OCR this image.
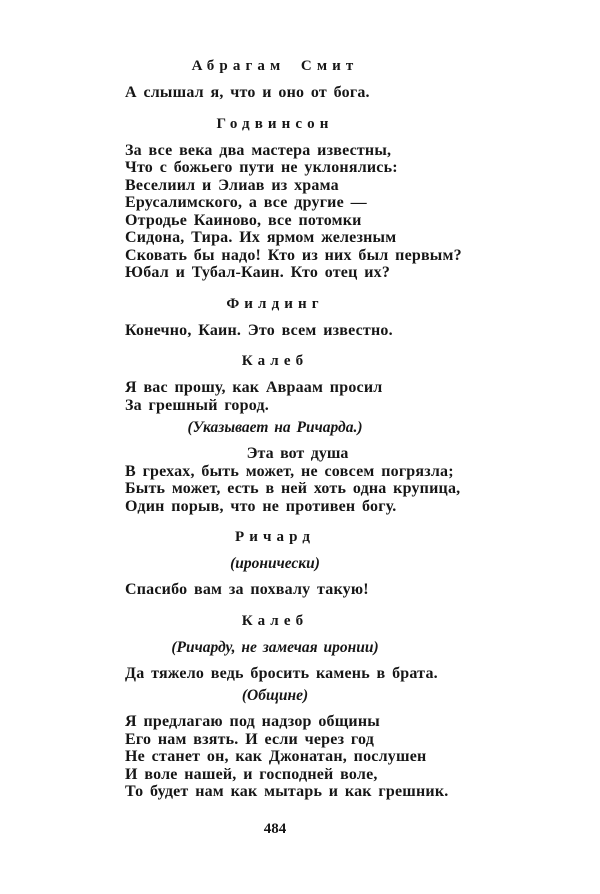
Абрагам Смит

А слышал я, что и оно от бога.

Годвинсон

За все века два мастера известны,

Что с божьего пути не уклонялись:

Веселиил и Элиав из храма

Ерусалимского, а все другие —

Отродье Каиново, все потомки

Сидона, Тира. Их ярмом железным

Сковать бы надо! Кто из них был первым?

Юбал и Тубал-Каин. Кто отец их?

Филдинг

Конечно, Каин. Это всем известно.

Калеб

Я вас прошу, как Авраам просил

За грешный город.

(Указывает на Ричарда.)

Эта вот душа

В грехах, быть может, не совсем погрязла;

Быть может, есть в ней хоть одна крупица,

Один порыв, что не противен богу.

Ричард

(иронически)

Спасибо вам за похвалу такую!

Калеб

(Ричарду, не замечая иронии)

Да тяжело ведь бросить камень в брата.

(Общине)

Я предлагаю под надзор общины

Его нам взять. И если через год

Не станет он, как Джонатан, послушен

И воле нашей, и господней воле,

То будет нам как мытарь и как грешник.

484
